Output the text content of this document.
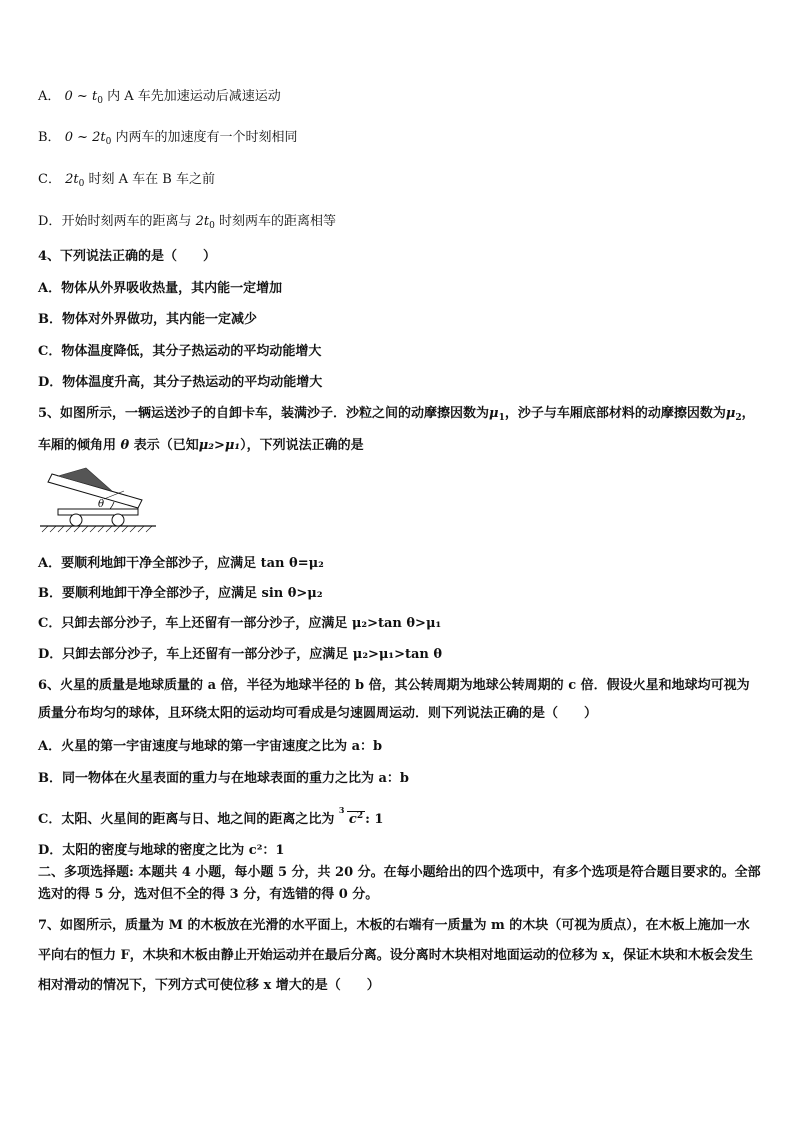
A． 0 ~ $t_0$ 内 A 车先加速运动后减速运动
B． 0 ~ $2t_0$ 内两车的加速度有一个时刻相同
C． $2t_0$ 时刻 A 车在 B 车之前
D．开始时刻两车的距离与 $2t_0$ 时刻两车的距离相等
4、下列说法正确的是（　　）
A．物体从外界吸收热量，其内能一定增加
B．物体对外界做功，其内能一定减少
C．物体温度降低，其分子热运动的平均动能增大
D．物体温度升高，其分子热运动的平均动能增大
5、如图所示，一辆运送沙子的自卸卡车，装满沙子．沙粒之间的动摩擦因数为$\mu_1$，沙子与车厢底部材料的动摩擦因数为$\mu_2$，车厢的倾角用 θ 表示（已知μ₂>μ₁），下列说法正确的是
θ
A．要顺利地卸干净全部沙子，应满足 tan θ=μ₂
B．要顺利地卸干净全部沙子，应满足 sin θ>μ₂
C．只卸去部分沙子，车上还留有一部分沙子，应满足 μ₂>tan θ>μ₁
D．只卸去部分沙子，车上还留有一部分沙子，应满足 μ₂>μ₁>tan θ
6、火星的质量是地球质量的 a 倍，半径为地球半径的 b 倍，其公转周期为地球公转周期的 c 倍．假设火星和地球均可视为质量分布均匀的球体，且环绕太阳的运动均可看成是匀速圆周运动．则下列说法正确的是（　　）
A．火星的第一宇宙速度与地球的第一宇宙速度之比为 a：b
B．同一物体在火星表面的重力与在地球表面的重力之比为 a：b
C．太阳、火星间的距离与日、地之间的距离之比为
3
$c^2$ : 1
D．太阳的密度与地球的密度之比为 c²：1
二、多项选择题: 本题共 4 小题，每小题 5 分，共 20 分。在每小题给出的四个选项中，有多个选项是符合题目要求的。全部选对的得 5 分，选对但不全的得 3 分，有选错的得 0 分。
7、如图所示，质量为 M 的木板放在光滑的水平面上，木板的右端有一质量为 m 的木块（可视为质点），在木板上施加一水平向右的恒力 F，木块和木板由静止开始运动并在最后分离。设分离时木块相对地面运动的位移为 x，保证木块和木板会发生相对滑动的情况下，下列方式可使位移 x 增大的是（　　）
